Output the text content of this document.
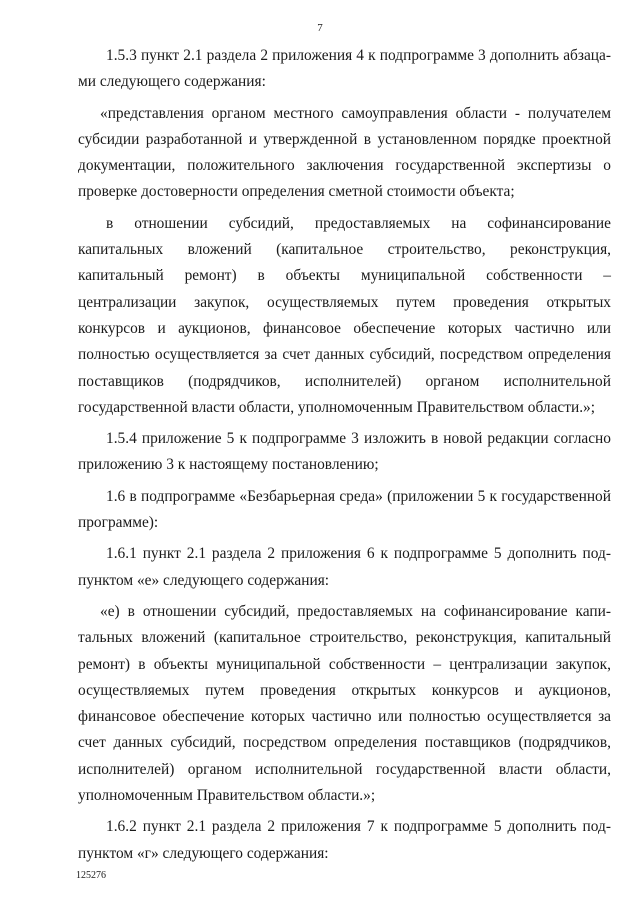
7

1.5.3 пункт 2.1 раздела 2 приложения 4 к подпрограмме 3 дополнить абзацами следующего содержания:

«представления органом местного самоуправления области - получателем субсидии разработанной и утвержденной в установленном порядке проектной документации, положительного заключения государственной экспертизы о проверке достоверности определения сметной стоимости объекта;

в отношении субсидий, предоставляемых на софинансирование капитальных вложений (капитальное строительство, реконструкция, капитальный ремонт) в объекты муниципальной собственности – централизации закупок, осуществляемых путем проведения открытых конкурсов и аукционов, финансовое обеспечение которых частично или полностью осуществляется за счет данных субсидий, посредством определения поставщиков (подрядчиков, исполнителей) органом исполнительной государственной власти области, уполномоченным Правительством области.»;

1.5.4 приложение 5 к подпрограмме 3 изложить в новой редакции согласно приложению 3 к настоящему постановлению;

1.6 в подпрограмме «Безбарьерная среда» (приложении 5 к государственной программе):

1.6.1 пункт 2.1 раздела 2 приложения 6 к подпрограмме 5 дополнить подпунктом «е» следующего содержания:

«е) в отношении субсидий, предоставляемых на софинансирование капитальных вложений (капитальное строительство, реконструкция, капитальный ремонт) в объекты муниципальной собственности – централизации закупок, осуществляемых путем проведения открытых конкурсов и аукционов, финансовое обеспечение которых частично или полностью осуществляется за счет данных субсидий, посредством определения поставщиков (подрядчиков, исполнителей) органом исполнительной государственной власти области, уполномоченным Правительством области.»;

1.6.2 пункт 2.1 раздела 2 приложения 7 к подпрограмме 5 дополнить подпунктом «г» следующего содержания:

125276
